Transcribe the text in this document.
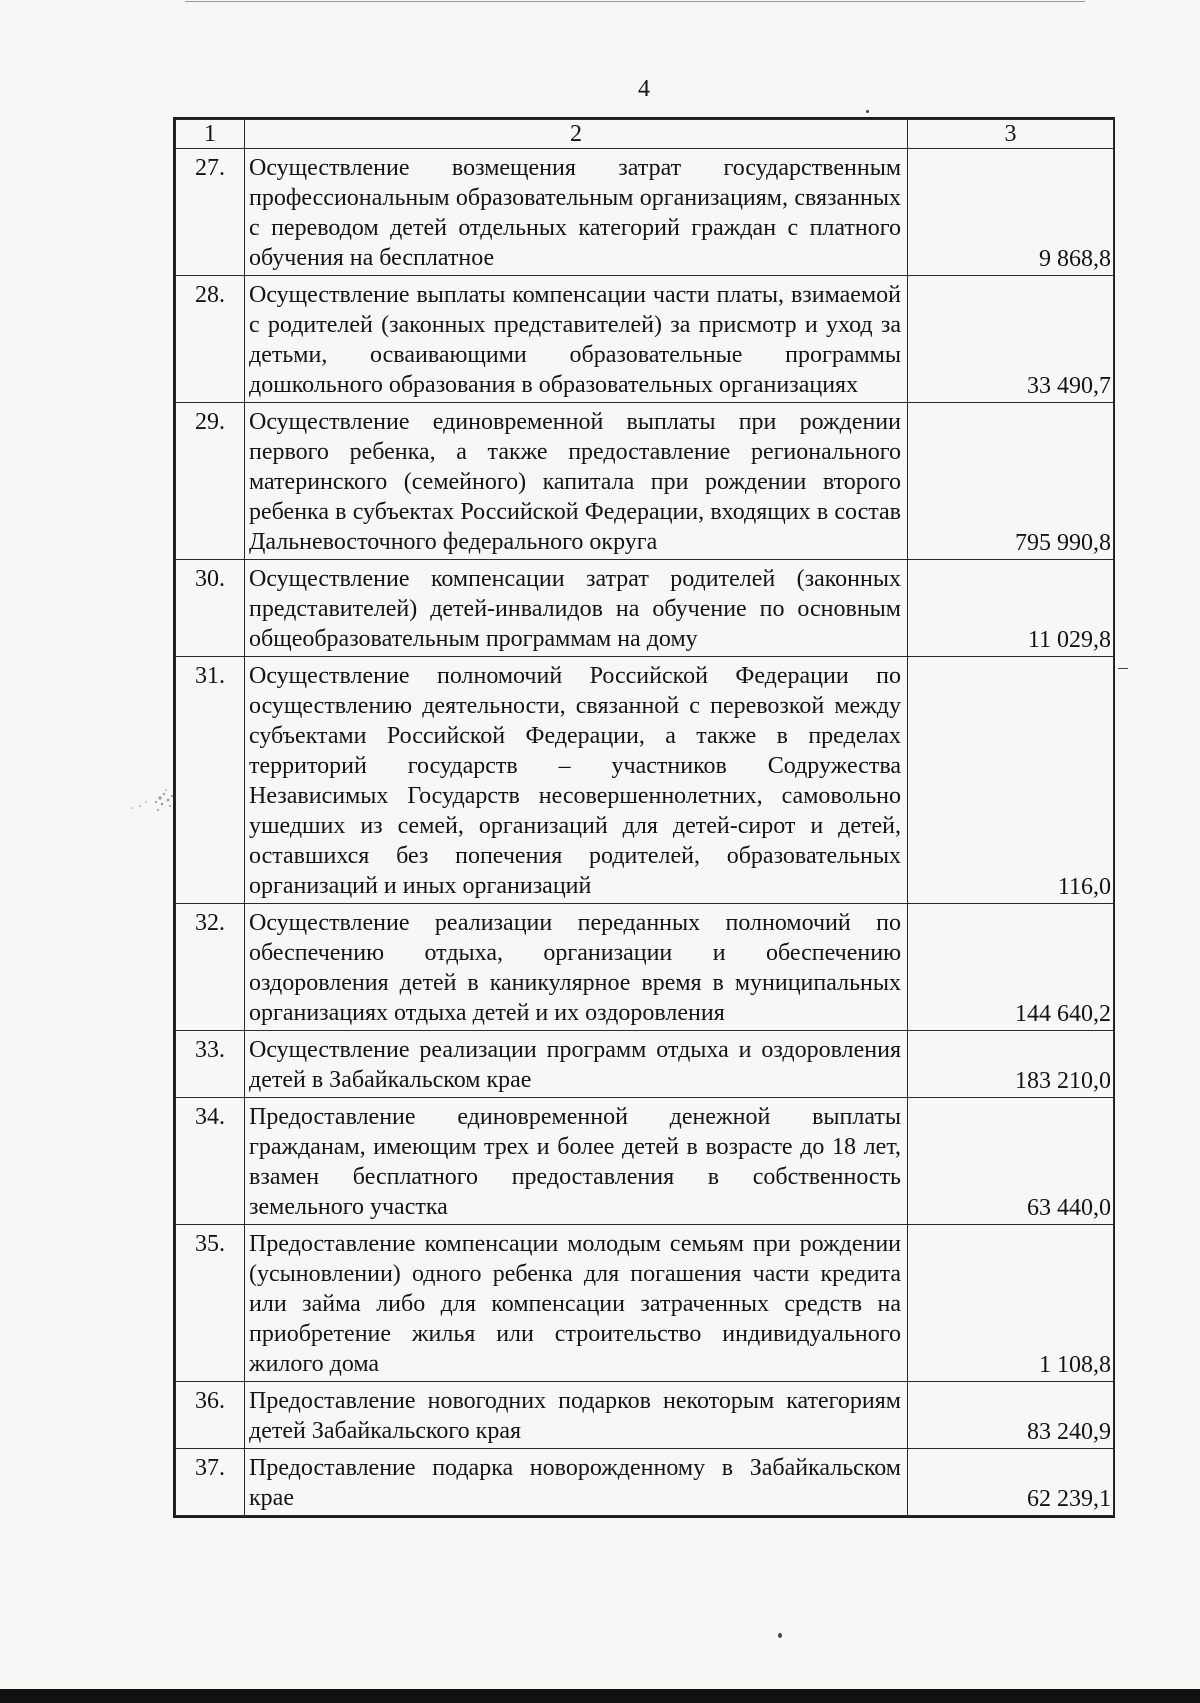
4
1	2	3
27.	Осуществление возмещения затрат государственным профессиональным образовательным организациям, связанных с переводом детей отдельных категорий граждан с платного обучения на бесплатное	9 868,8
28.	Осуществление выплаты компенсации части платы, взимаемой с родителей (законных представителей) за присмотр и уход за детьми, осваивающими образовательные программы дошкольного образования в образовательных организациях	33 490,7
29.	Осуществление единовременной выплаты при рождении первого ребенка, а также предоставление регионального материнского (семейного) капитала при рождении второго ребенка в субъектах Российской Федерации, входящих в состав Дальневосточного федерального округа	795 990,8
30.	Осуществление компенсации затрат родителей (законных представителей) детей-инвалидов на обучение по основным общеобразовательным программам на дому	11 029,8
31.	Осуществление полномочий Российской Федерации по осуществлению деятельности, связанной с перевозкой между субъектами Российской Федерации, а также в пределах территорий государств – участников Содружества Независимых Государств несовершеннолетних, самовольно ушедших из семей, организаций для детей-сирот и детей, оставшихся без попечения родителей, образовательных организаций и иных организаций	116,0
32.	Осуществление реализации переданных полномочий по обеспечению отдыха, организации и обеспечению оздоровления детей в каникулярное время в муниципальных организациях отдыха детей и их оздоровления	144 640,2
33.	Осуществление реализации программ отдыха и оздоровления детей в Забайкальском крае	183 210,0
34.	Предоставление единовременной денежной выплаты гражданам, имеющим трех и более детей в возрасте до 18 лет, взамен бесплатного предоставления в собственность земельного участка	63 440,0
35.	Предоставление компенсации молодым семьям при рождении (усыновлении) одного ребенка для погашения части кредита или займа либо для компенсации затраченных средств на приобретение жилья или строительство индивидуального жилого дома	1 108,8
36.	Предоставление новогодних подарков некоторым категориям детей Забайкальского края	83 240,9
37.	Предоставление подарка новорожденному в Забайкальском крае	62 239,1
